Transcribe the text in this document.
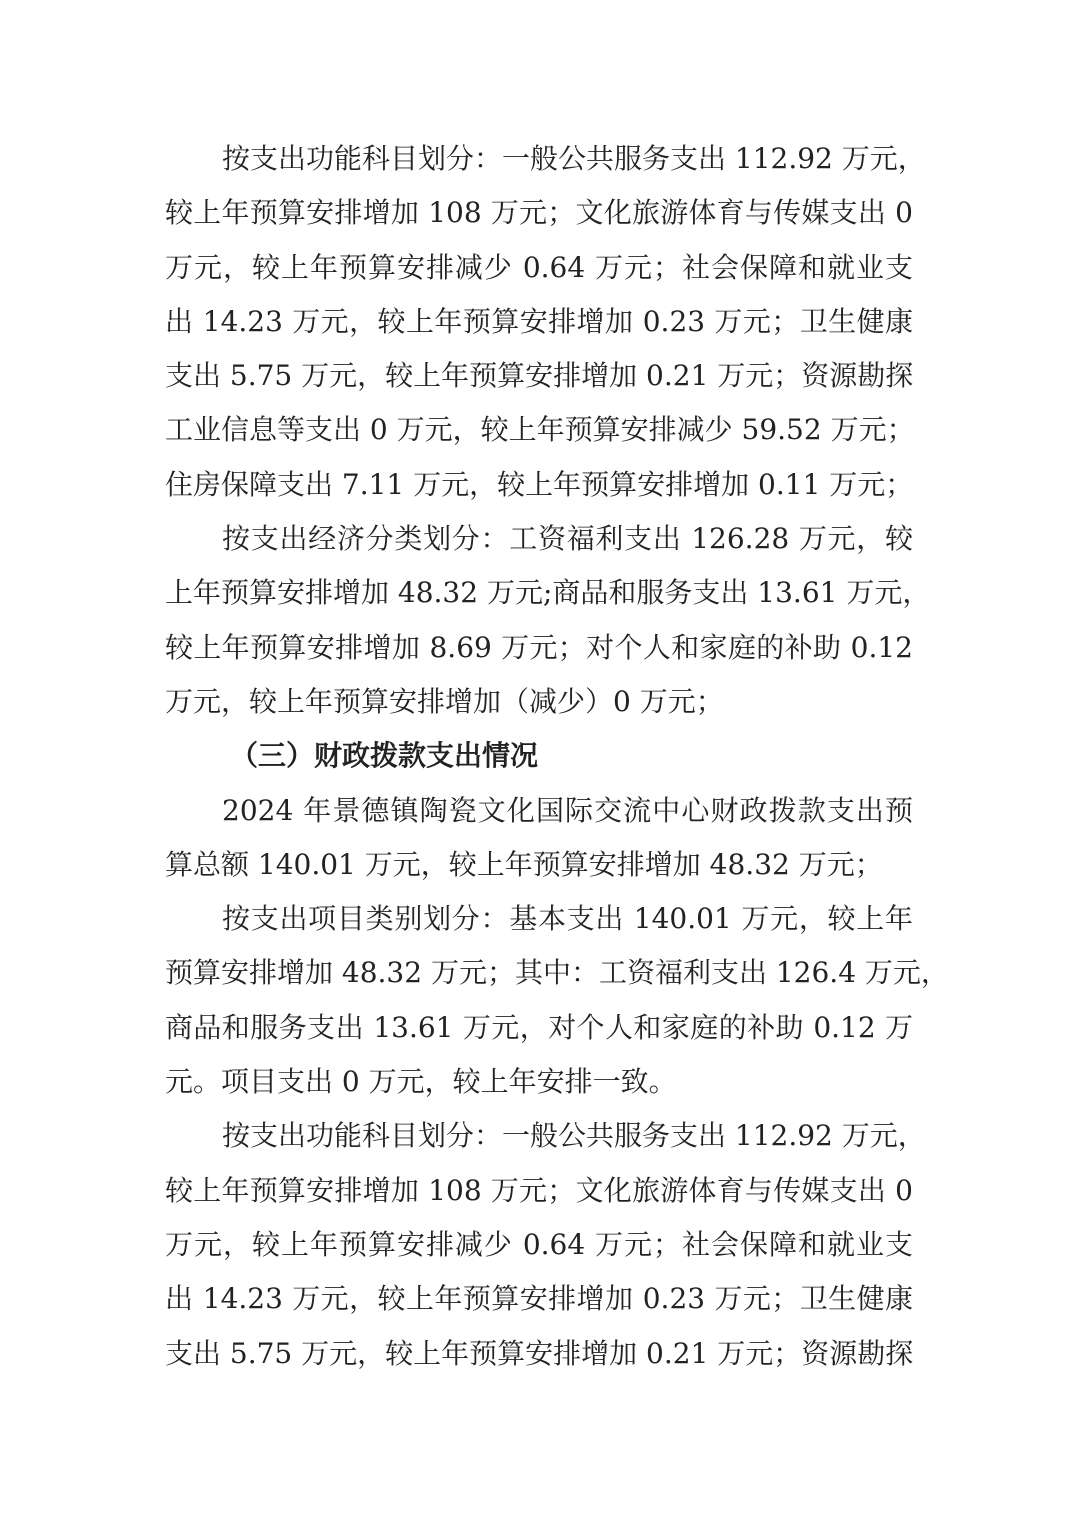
按支出功能科目划分：一般公共服务支出 112.92 万元，
较上年预算安排增加 108 万元；文化旅游体育与传媒支出 0
万元，较上年预算安排减少 0.64 万元；社会保障和就业支
出 14.23 万元，较上年预算安排增加 0.23 万元；卫生健康
支出 5.75 万元，较上年预算安排增加 0.21 万元；资源勘探
工业信息等支出 0 万元，较上年预算安排减少 59.52 万元；
住房保障支出 7.11 万元，较上年预算安排增加 0.11 万元；
按支出经济分类划分：工资福利支出 126.28 万元，较
上年预算安排增加 48.32 万元;商品和服务支出 13.61 万元，
较上年预算安排增加 8.69 万元；对个人和家庭的补助 0.12
万元，较上年预算安排增加（减少）0 万元；
（三）财政拨款支出情况
2024 年景德镇陶瓷文化国际交流中心财政拨款支出预
算总额 140.01 万元，较上年预算安排增加 48.32 万元；
按支出项目类别划分：基本支出 140.01 万元，较上年
预算安排增加 48.32 万元；其中：工资福利支出 126.4 万元，
商品和服务支出 13.61 万元，对个人和家庭的补助 0.12 万
元。项目支出 0 万元，较上年安排一致。
按支出功能科目划分：一般公共服务支出 112.92 万元，
较上年预算安排增加 108 万元；文化旅游体育与传媒支出 0
万元，较上年预算安排减少 0.64 万元；社会保障和就业支
出 14.23 万元，较上年预算安排增加 0.23 万元；卫生健康
支出 5.75 万元，较上年预算安排增加 0.21 万元；资源勘探
